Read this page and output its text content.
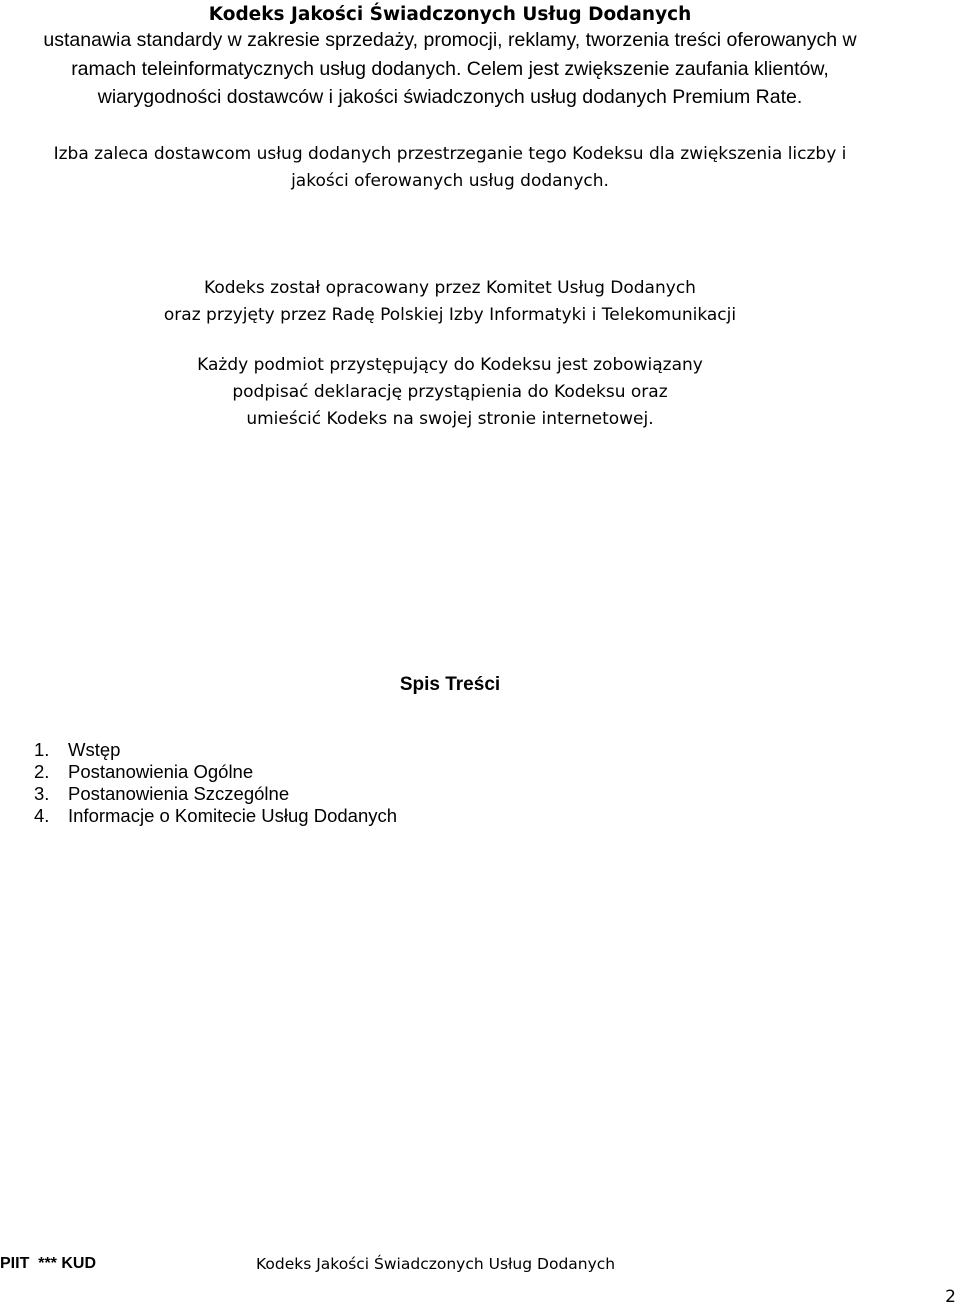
Kodeks Jakości Świadczonych Usług Dodanych

ustanawia standardy w zakresie sprzedaży, promocji, reklamy, tworzenia treści oferowanych w
ramach teleinformatycznych usług dodanych. Celem jest zwiększenie zaufania klientów,
wiarygodności dostawców i jakości świadczonych usług dodanych Premium Rate.

Izba zaleca dostawcom usług dodanych przestrzeganie tego Kodeksu dla zwiększenia liczby i
jakości oferowanych usług dodanych.
Kodeks został opracowany przez Komitet Usług Dodanych
oraz przyjęty przez Radę Polskiej Izby Informatyki i Telekomunikacji
Każdy podmiot przystępujący do Kodeksu jest zobowiązany
podpisać deklarację przystąpienia do Kodeksu oraz
umieścić Kodeks na swojej stronie internetowej.
Spis Treści
1.	Wstęp
2.	Postanowienia Ogólne
3.	Postanowienia Szczególne
4.	Informacje o Komitecie Usług Dodanych
PIIT  *** KUD	Kodeks Jakości Świadczonych Usług Dodanych
2
